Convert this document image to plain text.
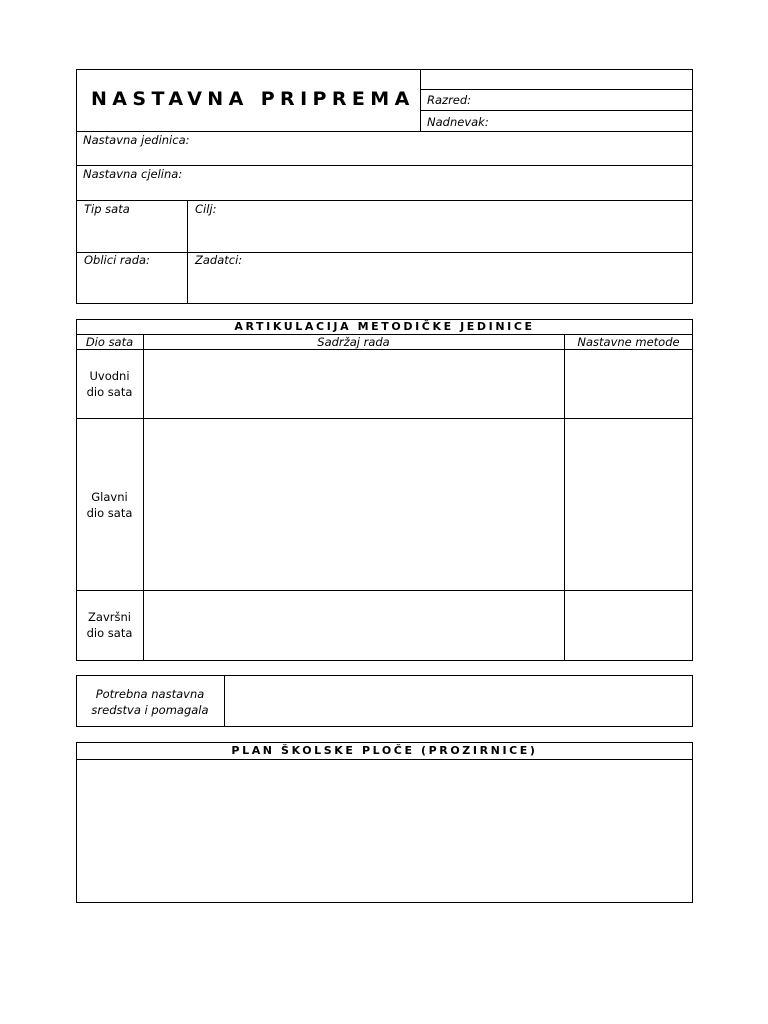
NASTAVNA PRIPREMA Razred:
Nadnevak:
Nastavna jedinica:
Nastavna cjelina:
Tip sata	Cilj:
Oblici rada:	Zadatci:
ARTIKULACIJA METODIČKE JEDINICE
Dio sata	Sadržaj rada	Nastavne metode
Uvodni
dio sata
Glavni
dio sata
Završni
dio sata
Potrebna nastavna
sredstva i pomagala
PLAN ŠKOLSKE PLOČE (PROZIRNICE)
